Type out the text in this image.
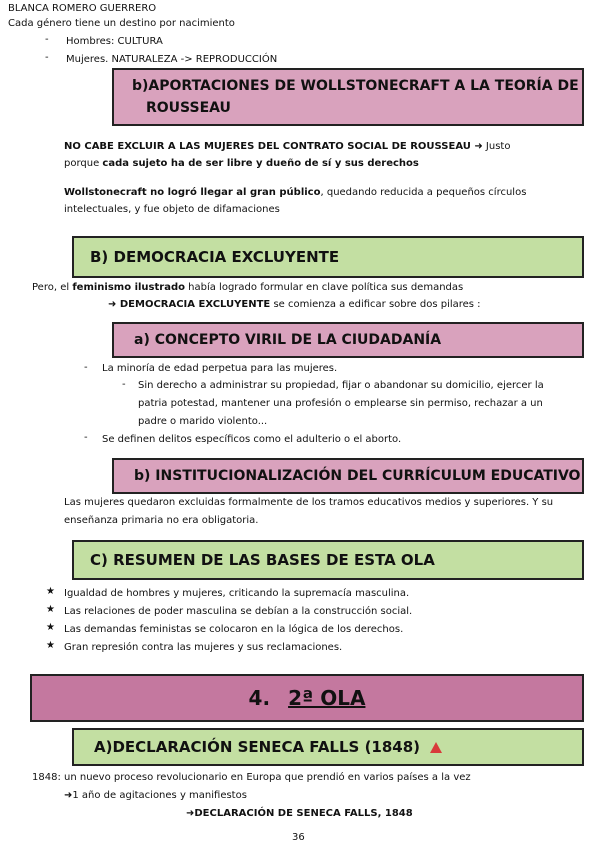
BLANCA ROMERO GUERRERO
Cada género tiene un destino por nacimiento
- Hombres: CULTURA
- Mujeres. NATURALEZA -> REPRODUCCIÓN
b)APORTACIONES DE WOLLSTONECRAFT A LA TEORÍA DE
ROUSSEAU
NO CABE EXCLUIR A LAS MUJERES DEL CONTRATO SOCIAL DE ROUSSEAU ➜ Justo
porque cada sujeto ha de ser libre y dueño de sí y sus derechos
Wollstonecraft no logró llegar al gran público, quedando reducida a pequeños círculos
intelectuales, y fue objeto de difamaciones
B) DEMOCRACIA EXCLUYENTE
Pero, el feminismo ilustrado había logrado formular en clave política sus demandas
➜ DEMOCRACIA EXCLUYENTE se comienza a edificar sobre dos pilares :
a) CONCEPTO VIRIL DE LA CIUDADANÍA
- La minoría de edad perpetua para las mujeres.
- Sin derecho a administrar su propiedad, fijar o abandonar su domicilio, ejercer la
patria potestad, mantener una profesión o emplearse sin permiso, rechazar a un
padre o marido violento...
- Se definen delitos específicos como el adulterio o el aborto.
b) INSTITUCIONALIZACIÓN DEL CURRÍCULUM EDUCATIVO
Las mujeres quedaron excluidas formalmente de los tramos educativos medios y superiores. Y su
enseñanza primaria no era obligatoria.
C) RESUMEN DE LAS BASES DE ESTA OLA
★ Igualdad de hombres y mujeres, criticando la supremacía masculina.
★ Las relaciones de poder masculina se debían a la construcción social.
★ Las demandas feministas se colocaron en la lógica de los derechos.
★ Gran represión contra las mujeres y sus reclamaciones.
4. 2ª OLA
A)DECLARACIÓN SENECA FALLS (1848)
1848: un nuevo proceso revolucionario en Europa que prendió en varios países a la vez
➜1 año de agitaciones y manifiestos
➜DECLARACIÓN DE SENECA FALLS, 1848
36
